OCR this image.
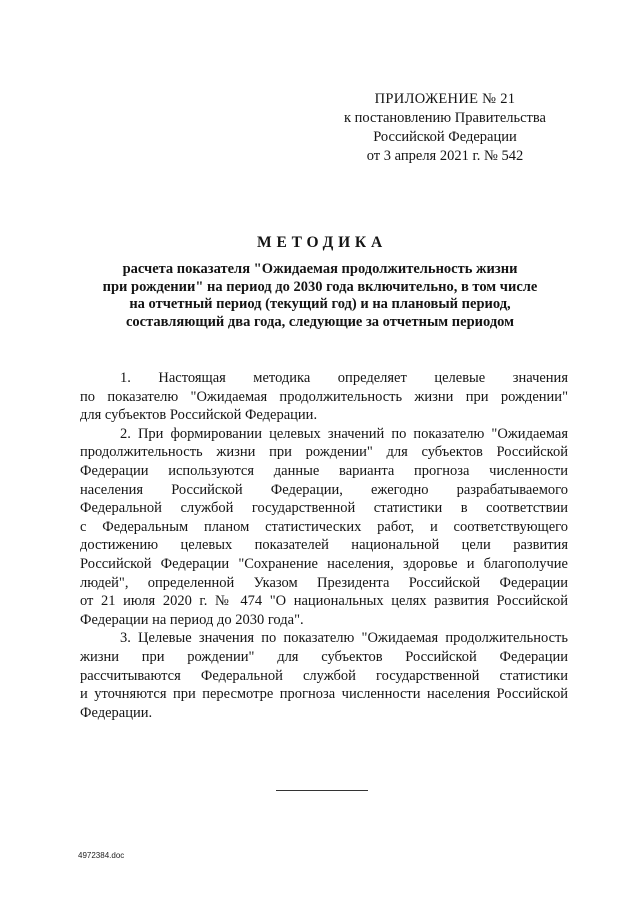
ПРИЛОЖЕНИЕ № 21
к постановлению Правительства
Российской Федерации
от 3 апреля 2021 г. № 542
МЕТОДИКА
расчета показателя "Ожидаемая продолжительность жизни
при рождении" на период до 2030 года включительно, в том числе
на отчетный период (текущий год) и на плановый период,
составляющий два года, следующие за отчетным периодом
1. Настоящая методика определяет целевые значения
по показателю "Ожидаемая продолжительность жизни при рождении"
для субъектов Российской Федерации.
2. При формировании целевых значений по показателю "Ожидаемая
продолжительность жизни при рождении" для субъектов Российской
Федерации используются данные варианта прогноза численности
населения Российской Федерации, ежегодно разрабатываемого
Федеральной службой государственной статистики в соответствии
с Федеральным планом статистических работ, и соответствующего
достижению целевых показателей национальной цели развития
Российской Федерации "Сохранение населения, здоровье и благополучие
людей", определенной Указом Президента Российской Федерации
от 21 июля 2020 г. № 474 "О национальных целях развития Российской
Федерации на период до 2030 года".
3. Целевые значения по показателю "Ожидаемая продолжительность
жизни при рождении" для субъектов Российской Федерации
рассчитываются Федеральной службой государственной статистики
и уточняются при пересмотре прогноза численности населения Российской
Федерации.
4972384.doc
